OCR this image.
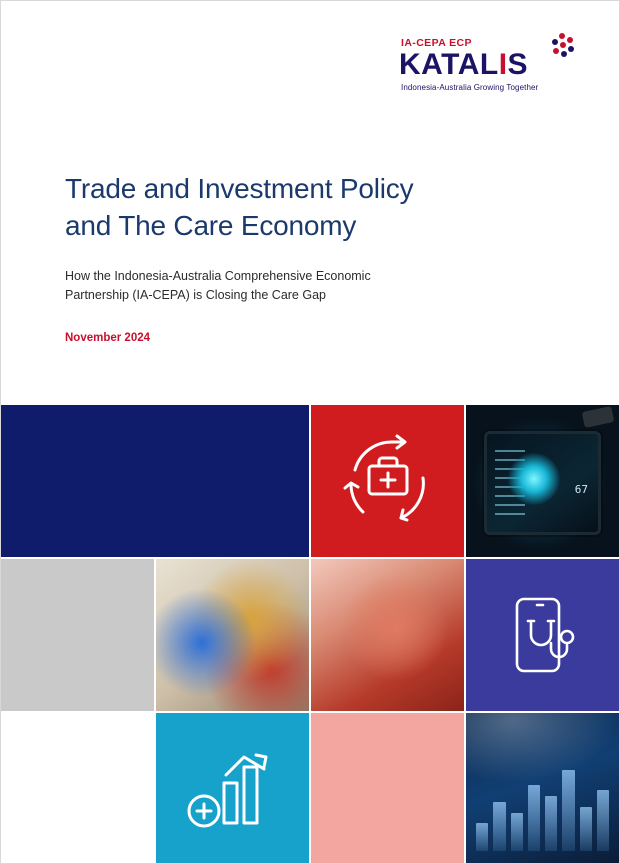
IA-CEPA ECP

KATALIS

Indonesia-Australia Growing Together

Trade and Investment Policy
and The Care Economy

How the Indonesia-Australia Comprehensive Economic Partnership (IA-CEPA) is Closing the Care Gap

November 2024

67
